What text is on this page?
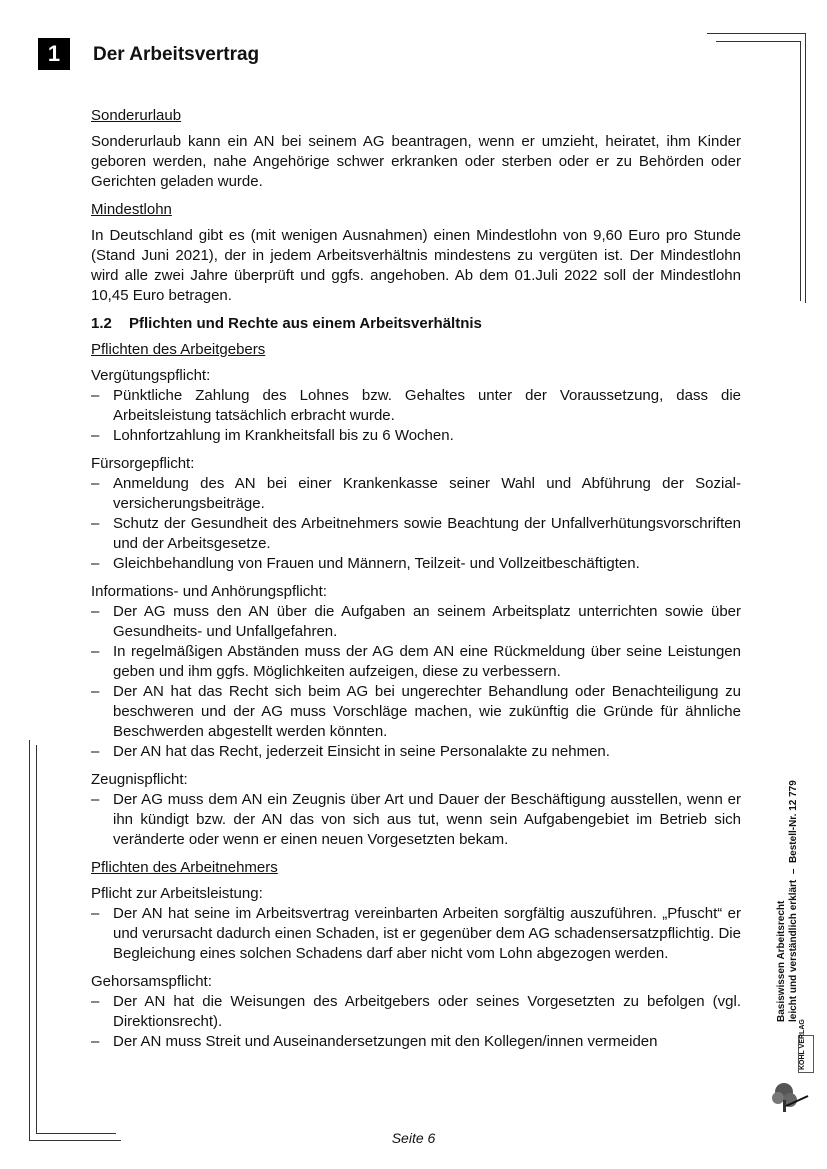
1	Der Arbeitsvertrag

Sonderurlaub

Sonderurlaub kann ein AN bei seinem AG beantragen, wenn er umzieht, heiratet, ihm Kinder geboren werden, nahe Angehörige schwer erkranken oder sterben oder er zu Behörden oder Gerichten geladen wurde.

Mindestlohn

In Deutschland gibt es (mit wenigen Ausnahmen) einen Mindestlohn von 9,60 Euro pro Stunde (Stand Juni 2021), der in jedem Arbeitsverhältnis mindestens zu vergüten ist. Der Mindestlohn wird alle zwei Jahre überprüft und ggfs. angehoben. Ab dem 01.Juli 2022 soll der Mindestlohn 10,45 Euro betragen.

1.2 Pflichten und Rechte aus einem Arbeitsverhältnis

Pflichten des Arbeitgebers

Vergütungspflicht:

– Pünktliche Zahlung des Lohnes bzw. Gehaltes unter der Voraussetzung, dass die Arbeitsleistung tatsächlich erbracht wurde.
– Lohnfortzahlung im Krankheitsfall bis zu 6 Wochen.

Fürsorgepflicht:

– Anmeldung des AN bei einer Krankenkasse seiner Wahl und Abführung der Sozialversicherungsbeiträge.
– Schutz der Gesundheit des Arbeitnehmers sowie Beachtung der Unfallverhütungsvorschriften und der Arbeitsgesetze.
– Gleichbehandlung von Frauen und Männern, Teilzeit- und Vollzeitbeschäftigten.

Informations- und Anhörungspflicht:

– Der AG muss den AN über die Aufgaben an seinem Arbeitsplatz unterrichten sowie über Gesundheits- und Unfallgefahren.
– In regelmäßigen Abständen muss der AG dem AN eine Rückmeldung über seine Leistungen geben und ihm ggfs. Möglichkeiten aufzeigen, diese zu verbessern.
– Der AN hat das Recht sich beim AG bei ungerechter Behandlung oder Benachteiligung zu beschweren und der AG muss Vorschläge machen, wie zukünftig die Gründe für ähnliche Beschwerden abgestellt werden könnten.
– Der AN hat das Recht, jederzeit Einsicht in seine Personalakte zu nehmen.

Zeugnispflicht:

– Der AG muss dem AN ein Zeugnis über Art und Dauer der Beschäftigung ausstellen, wenn er ihn kündigt bzw. der AN das von sich aus tut, wenn sein Aufgabengebiet im Betrieb sich veränderte oder wenn er einen neuen Vorgesetzten bekam.

Pflichten des Arbeitnehmers

Pflicht zur Arbeitsleistung:

– Der AN hat seine im Arbeitsvertrag vereinbarten Arbeiten sorgfältig auszuführen. „Pfuscht“ er und verursacht dadurch einen Schaden, ist er gegenüber dem AG schadensersatzpflichtig. Die Begleichung eines solchen Schadens darf aber nicht vom Lohn abgezogen werden.

Gehorsamspflicht:

– Der AN hat die Weisungen des Arbeitgebers oder seines Vorgesetzten zu befolgen (vgl. Direktionsrecht).
– Der AN muss Streit und Auseinandersetzungen mit den Kollegen/innen vermeiden
Basiswissen Arbeitsrecht leicht und verständlich erklärt  –  Bestell-Nr. 12 779
KOHL VERLAG
Seite 6
